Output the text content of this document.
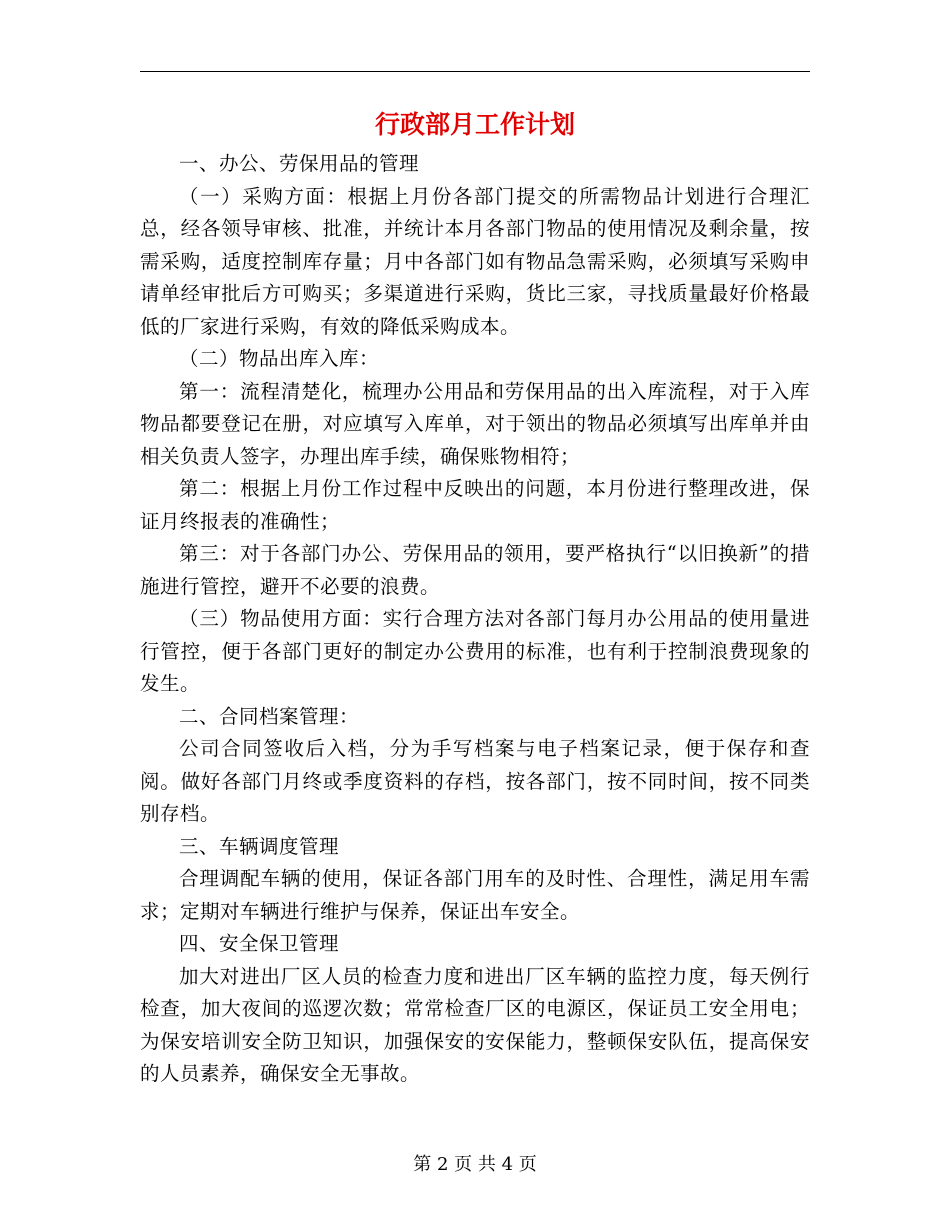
行政部月工作计划

一、办公、劳保用品的管理

（一）采购方面：根据上月份各部门提交的所需物品计划进行合理汇总，经各领导审核、批准，并统计本月各部门物品的使用情况及剩余量，按需采购，适度控制库存量；月中各部门如有物品急需采购，必须填写采购申请单经审批后方可购买；多渠道进行采购，货比三家，寻找质量最好价格最低的厂家进行采购，有效的降低采购成本。

（二）物品出库入库：

第一：流程清楚化，梳理办公用品和劳保用品的出入库流程，对于入库物品都要登记在册，对应填写入库单，对于领出的物品必须填写出库单并由相关负责人签字，办理出库手续，确保账物相符；

第二：根据上月份工作过程中反映出的问题，本月份进行整理改进，保证月终报表的准确性；

第三：对于各部门办公、劳保用品的领用，要严格执行“以旧换新”的措施进行管控，避开不必要的浪费。

（三）物品使用方面：实行合理方法对各部门每月办公用品的使用量进行管控，便于各部门更好的制定办公费用的标准，也有利于控制浪费现象的发生。

二、合同档案管理：

公司合同签收后入档，分为手写档案与电子档案记录，便于保存和查阅。做好各部门月终或季度资料的存档，按各部门，按不同时间，按不同类别存档。

三、车辆调度管理

合理调配车辆的使用，保证各部门用车的及时性、合理性，满足用车需求；定期对车辆进行维护与保养，保证出车安全。

四、安全保卫管理

加大对进出厂区人员的检查力度和进出厂区车辆的监控力度，每天例行检查，加大夜间的巡逻次数；常常检查厂区的电源区，保证员工安全用电；为保安培训安全防卫知识，加强保安的安保能力，整顿保安队伍，提高保安的人员素养，确保安全无事故。

第 2 页 共 4 页
